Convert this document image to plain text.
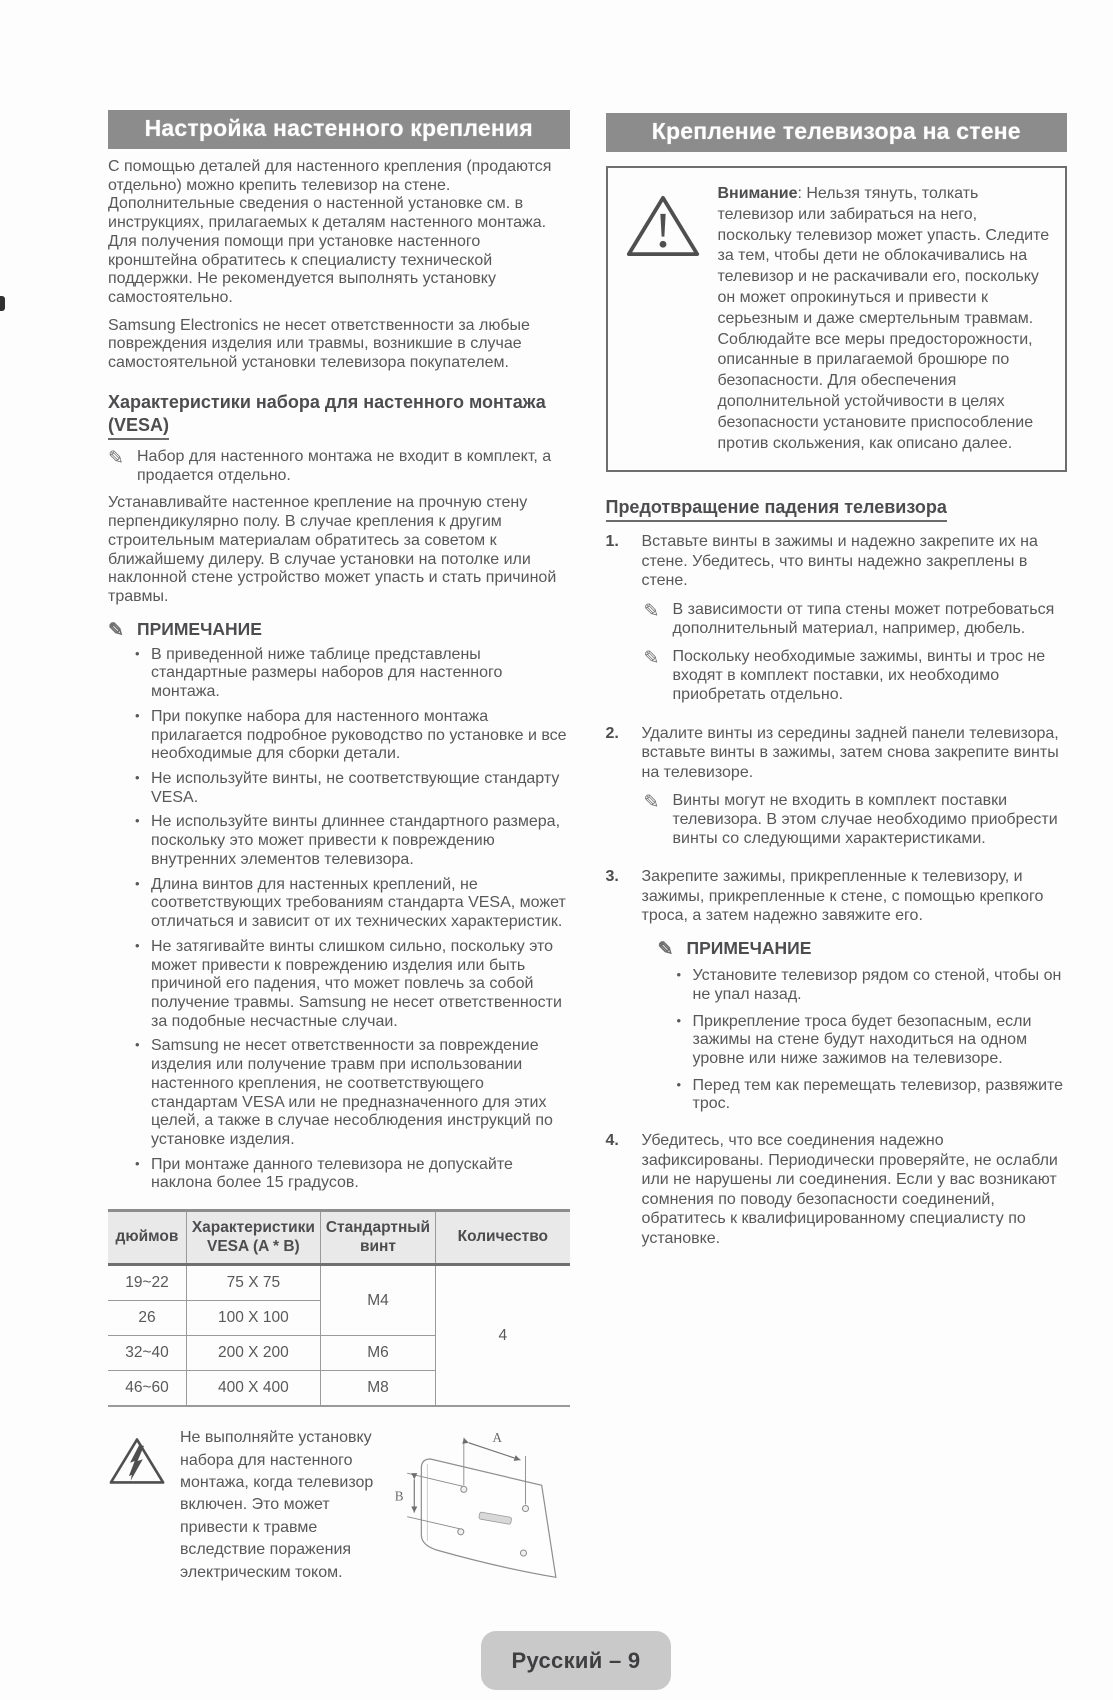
Настройка настенного крепления

С помощью деталей для настенного крепления (продаются отдельно) можно крепить телевизор на стене. Дополнительные сведения о настенной установке см. в инструкциях, прилагаемых к деталям настенного монтажа. Для получения помощи при установке настенного кронштейна обратитесь к специалисту технической поддержки. Не рекомендуется выполнять установку самостоятельно.

Samsung Electronics не несет ответственности за любые повреждения изделия или травмы, возникшие в случае самостоятельной установки телевизора покупателем.

Характеристики набора для настенного монтажа
(VESA)
✎ Набор для настенного монтажа не входит в комплект, а продается отдельно.

Устанавливайте настенное крепление на прочную стену перпендикулярно полу. В случае крепления к другим строительным материалам обратитесь за советом к ближайшему дилеру. В случае установки на потолке или наклонной стене устройство может упасть и стать причиной травмы.

✎ ПРИМЕЧАНИЕ
• В приведенной ниже таблице представлены стандартные размеры наборов для настенного монтажа.
• При покупке набора для настенного монтажа прилагается подробное руководство по установке и все необходимые для сборки детали.
• Не используйте винты, не соответствующие стандарту VESA.
• Не используйте винты длиннее стандартного размера, поскольку это может привести к повреждению внутренних элементов телевизора.
• Длина винтов для настенных креплений, не соответствующих требованиям стандарта VESA, может отличаться и зависит от их технических характеристик.
• Не затягивайте винты слишком сильно, поскольку это может привести к повреждению изделия или быть причиной его падения, что может повлечь за собой получение травмы. Samsung не несет ответственности за подобные несчастные случаи.
• Samsung не несет ответственности за повреждение изделия или получение травм при использовании настенного крепления, не соответствующего стандартам VESA или не предназначенного для этих целей, а также в случае несоблюдения инструкций по установке изделия.
• При монтаже данного телевизора не допускайте наклона более 15 градусов.
дюймов	Характеристики VESA (A * B)	Стандартный винт	Количество
19~22	75 X 75	M4	4
26	100 X 100		
32~40	200 X 200	M6	
46~60	400 X 400	M8	
Не выполняйте установку набора для настенного монтажа, когда телевизор включен. Это может привести к травме вследствие поражения электрическим током.
A
B
Крепление телевизора на стене
Внимание: Нельзя тянуть, толкать телевизор или забираться на него, поскольку телевизор может упасть. Следите за тем, чтобы дети не облокачивались на телевизор и не раскачивали его, поскольку он может опрокинуться и привести к серьезным и даже смертельным травмам. Соблюдайте все меры предосторожности, описанные в прилагаемой брошюре по безопасности. Для обеспечения дополнительной устойчивости в целях безопасности установите приспособление против скольжения, как описано далее.
Предотвращение падения телевизора
1.	Вставьте винты в зажимы и надежно закрепите их на стене. Убедитесь, что винты надежно закреплены в стене.
✎ В зависимости от типа стены может потребоваться дополнительный материал, например, дюбель.
✎ Поскольку необходимые зажимы, винты и трос не входят в комплект поставки, их необходимо приобретать отдельно.
2.	Удалите винты из середины задней панели телевизора, вставьте винты в зажимы, затем снова закрепите винты на телевизоре.
✎ Винты могут не входить в комплект поставки телевизора. В этом случае необходимо приобрести винты со следующими характеристиками.
3.	Закрепите зажимы, прикрепленные к телевизору, и зажимы, прикрепленные к стене, с помощью крепкого троса, а затем надежно завяжите его.
✎ ПРИМЕЧАНИЕ
• Установите телевизор рядом со стеной, чтобы он не упал назад.
• Прикрепление троса будет безопасным, если зажимы на стене будут находиться на одном уровне или ниже зажимов на телевизоре.
• Перед тем как перемещать телевизор, развяжите трос.
4.	Убедитесь, что все соединения надежно зафиксированы. Периодически проверяйте, не ослабли или не нарушены ли соединения. Если у вас возникают сомнения по поводу безопасности соединений, обратитесь к квалифицированному специалисту по установке.
Русский – 9
